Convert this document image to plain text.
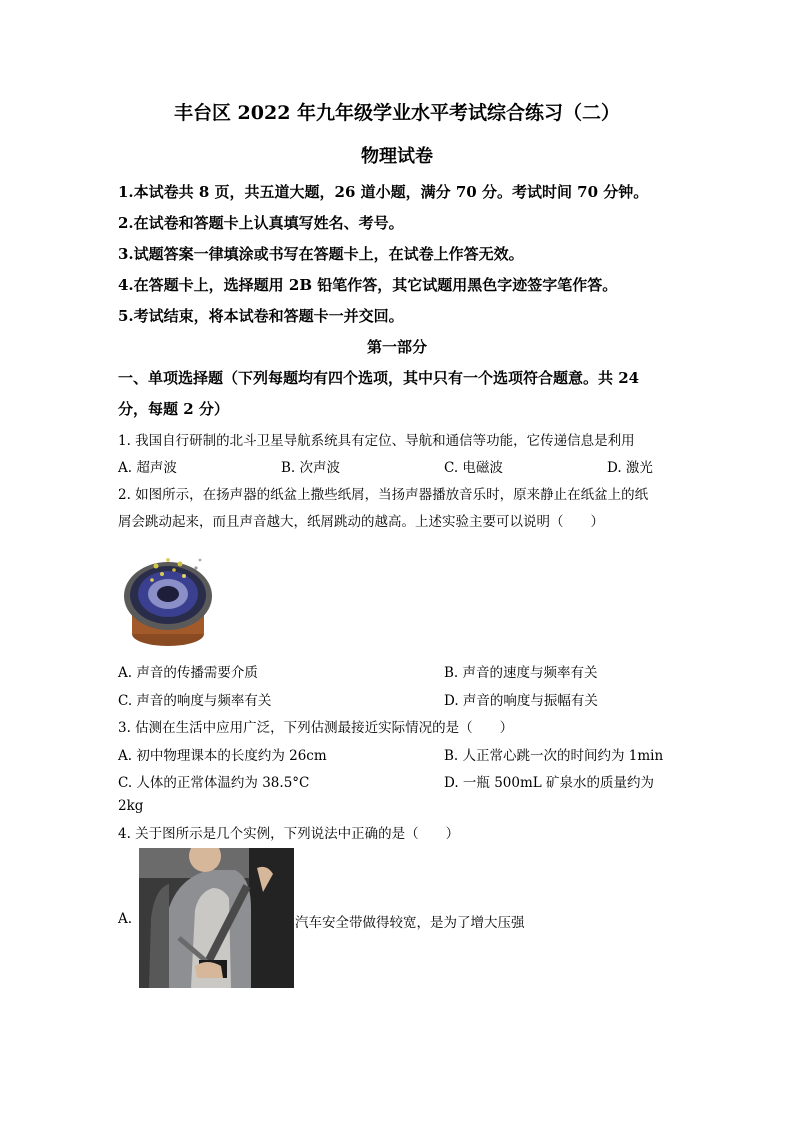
丰台区 2022 年九年级学业水平考试综合练习（二）
物理试卷
1.本试卷共 8 页，共五道大题，26 道小题，满分 70 分。考试时间 70 分钟。
2.在试卷和答题卡上认真填写姓名、考号。
3.试题答案一律填涂或书写在答题卡上，在试卷上作答无效。
4.在答题卡上，选择题用 2B 铅笔作答，其它试题用黑色字迹签字笔作答。
5.考试结束，将本试卷和答题卡一并交回。
第一部分
一、单项选择题（下列每题均有四个选项，其中只有一个选项符合题意。共 24
分，每题 2 分）
1. 我国自行研制的北斗卫星导航系统具有定位、导航和通信等功能，它传递信息是利用
A. 超声波	B. 次声波	C. 电磁波	D. 激光
2. 如图所示，在扬声器的纸盆上撒些纸屑，当扬声器播放音乐时，原来静止在纸盆上的纸
屑会跳动起来，而且声音越大，纸屑跳动的越高。上述实验主要可以说明（　　）
A. 声音的传播需要介质	B. 声音的速度与频率有关
C. 声音的响度与频率有关	D. 声音的响度与振幅有关
3. 估测在生活中应用广泛，下列估测最接近实际情况的是（　　）
A. 初中物理课本的长度约为 26cm	B. 人正常心跳一次的时间约为 1min
C. 人体的正常体温约为 38.5°C	D. 一瓶 500mL 矿泉水的质量约为
2kg
4. 关于图所示是几个实例，下列说法中正确的是（　　）
A.	汽车安全带做得较宽，是为了增大压强
